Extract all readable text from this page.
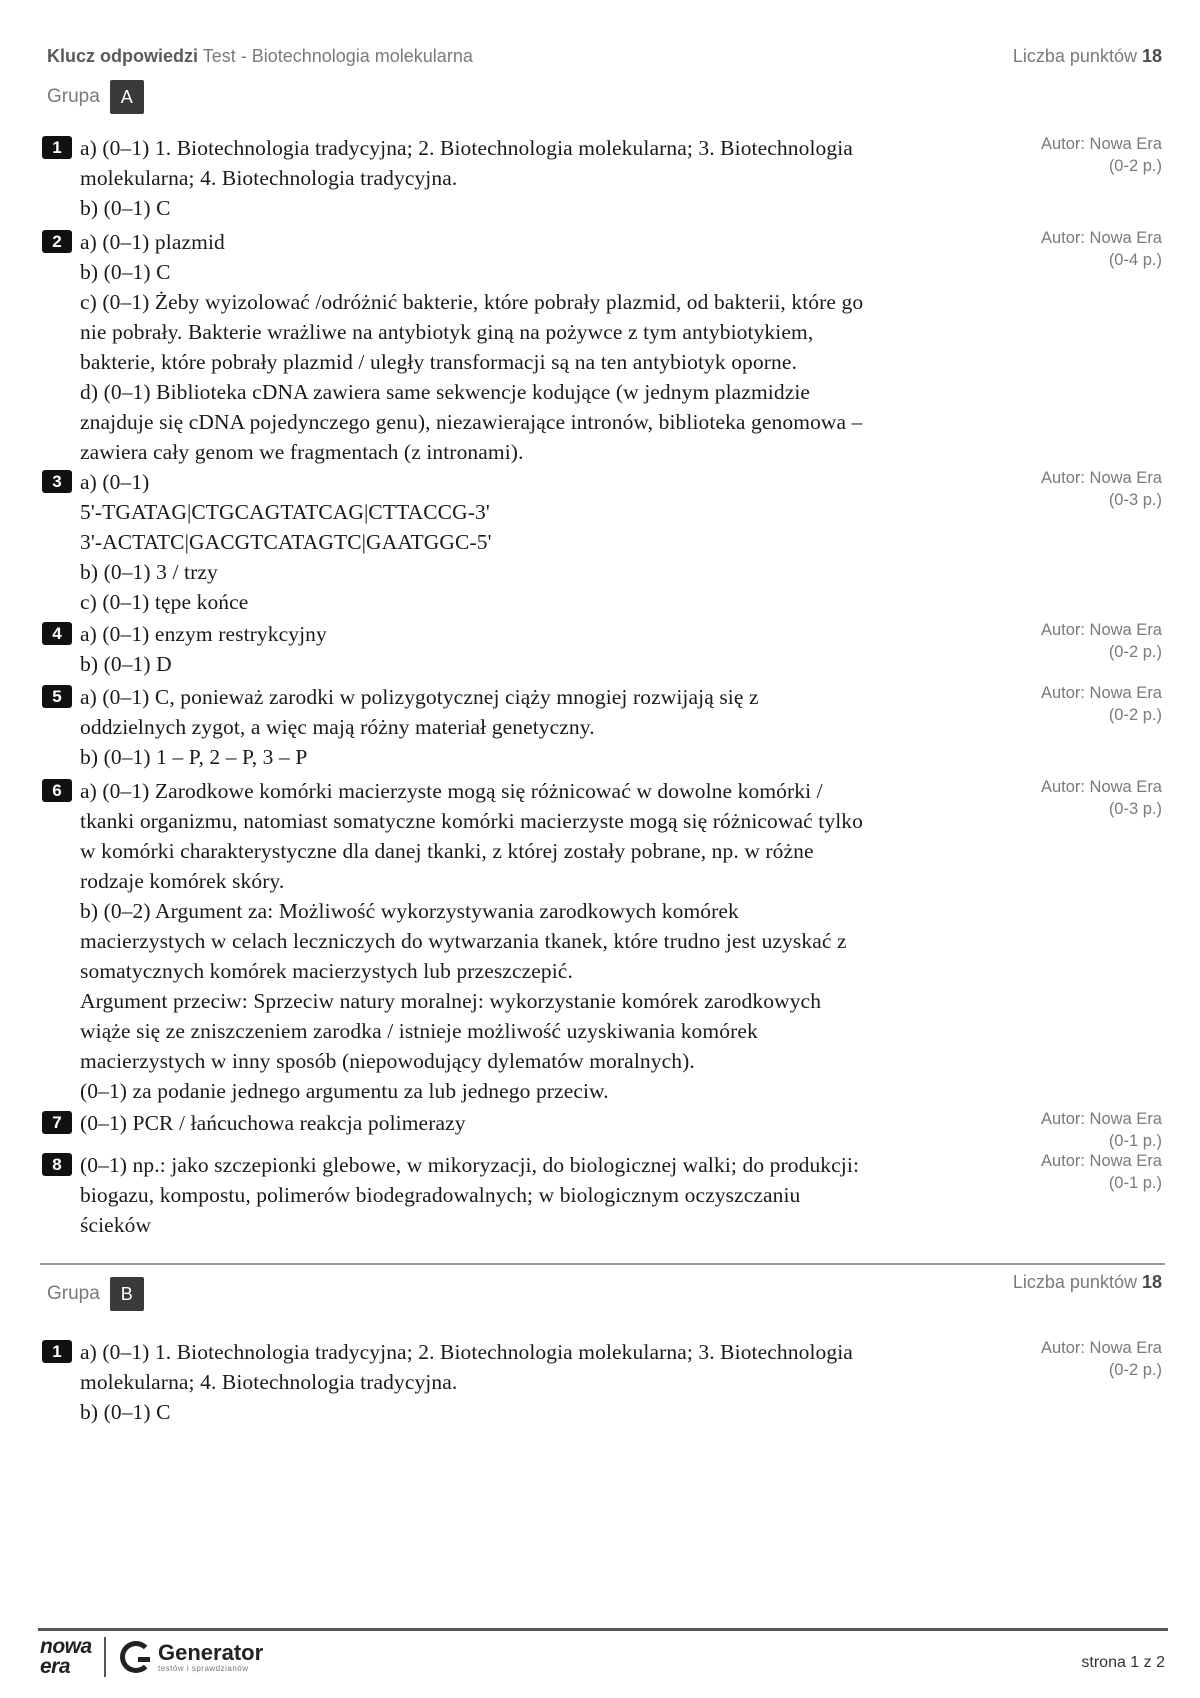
Klucz odpowiedzi Test - Biotechnologia molekularna	Liczba punktów 18
Grupa	A
1 a) (0–1) 1. Biotechnologia tradycyjna; 2. Biotechnologia molekularna; 3. Biotechnologia
molekularna; 4. Biotechnologia tradycyjna.
b) (0–1) C
Autor: Nowa Era
(0-2 p.)
2 a) (0–1) plazmid
b) (0–1) C
c) (0–1) Żeby wyizolować /odróżnić bakterie, które pobrały plazmid, od bakterii, które go
nie pobrały. Bakterie wrażliwe na antybiotyk giną na pożywce z tym antybiotykiem,
bakterie, które pobrały plazmid / uległy transformacji są na ten antybiotyk oporne.
d) (0–1) Biblioteka cDNA zawiera same sekwencje kodujące (w jednym plazmidzie
znajduje się cDNA pojedynczego genu), niezawierające intronów, biblioteka genomowa –
zawiera cały genom we fragmentach (z intronami).
Autor: Nowa Era
(0-4 p.)
3 a) (0–1)
5'-TGATAG|CTGCAGTATCAG|CTTACCG-3'
3'-ACTATC|GACGTCATAGTC|GAATGGC-5'
b) (0–1) 3 / trzy
c) (0–1) tępe końce
Autor: Nowa Era
(0-3 p.)
4 a) (0–1) enzym restrykcyjny
b) (0–1) D
Autor: Nowa Era
(0-2 p.)
5 a) (0–1) C, ponieważ zarodki w polizygotycznej ciąży mnogiej rozwijają się z
oddzielnych zygot, a więc mają różny materiał genetyczny.
b) (0–1) 1 – P, 2 – P, 3 – P
Autor: Nowa Era
(0-2 p.)
6 a) (0–1) Zarodkowe komórki macierzyste mogą się różnicować w dowolne komórki /
tkanki organizmu, natomiast somatyczne komórki macierzyste mogą się różnicować tylko
w komórki charakterystyczne dla danej tkanki, z której zostały pobrane, np. w różne
rodzaje komórek skóry.
b) (0–2) Argument za: Możliwość wykorzystywania zarodkowych komórek
macierzystych w celach leczniczych do wytwarzania tkanek, które trudno jest uzyskać z
somatycznych komórek macierzystych lub przeszczepić.
Argument przeciw: Sprzeciw natury moralnej: wykorzystanie komórek zarodkowych
wiąże się ze zniszczeniem zarodka / istnieje możliwość uzyskiwania komórek
macierzystych w inny sposób (niepowodujący dylematów moralnych).
(0–1) za podanie jednego argumentu za lub jednego przeciw.
Autor: Nowa Era
(0-3 p.)
7 (0–1) PCR / łańcuchowa reakcja polimerazy	Autor: Nowa Era
(0-1 p.)
8 (0–1) np.: jako szczepionki glebowe, w mikoryzacji, do biologicznej walki; do produkcji:
biogazu, kompostu, polimerów biodegradowalnych; w biologicznym oczyszczaniu
ścieków
Autor: Nowa Era
(0-1 p.)
Grupa	B
Liczba punktów 18
1 a) (0–1) 1. Biotechnologia tradycyjna; 2. Biotechnologia molekularna; 3. Biotechnologia
molekularna; 4. Biotechnologia tradycyjna.
b) (0–1) C
Autor: Nowa Era
(0-2 p.)
nowa era
Generator
testów i sprawdzianów	strona 1 z 2
